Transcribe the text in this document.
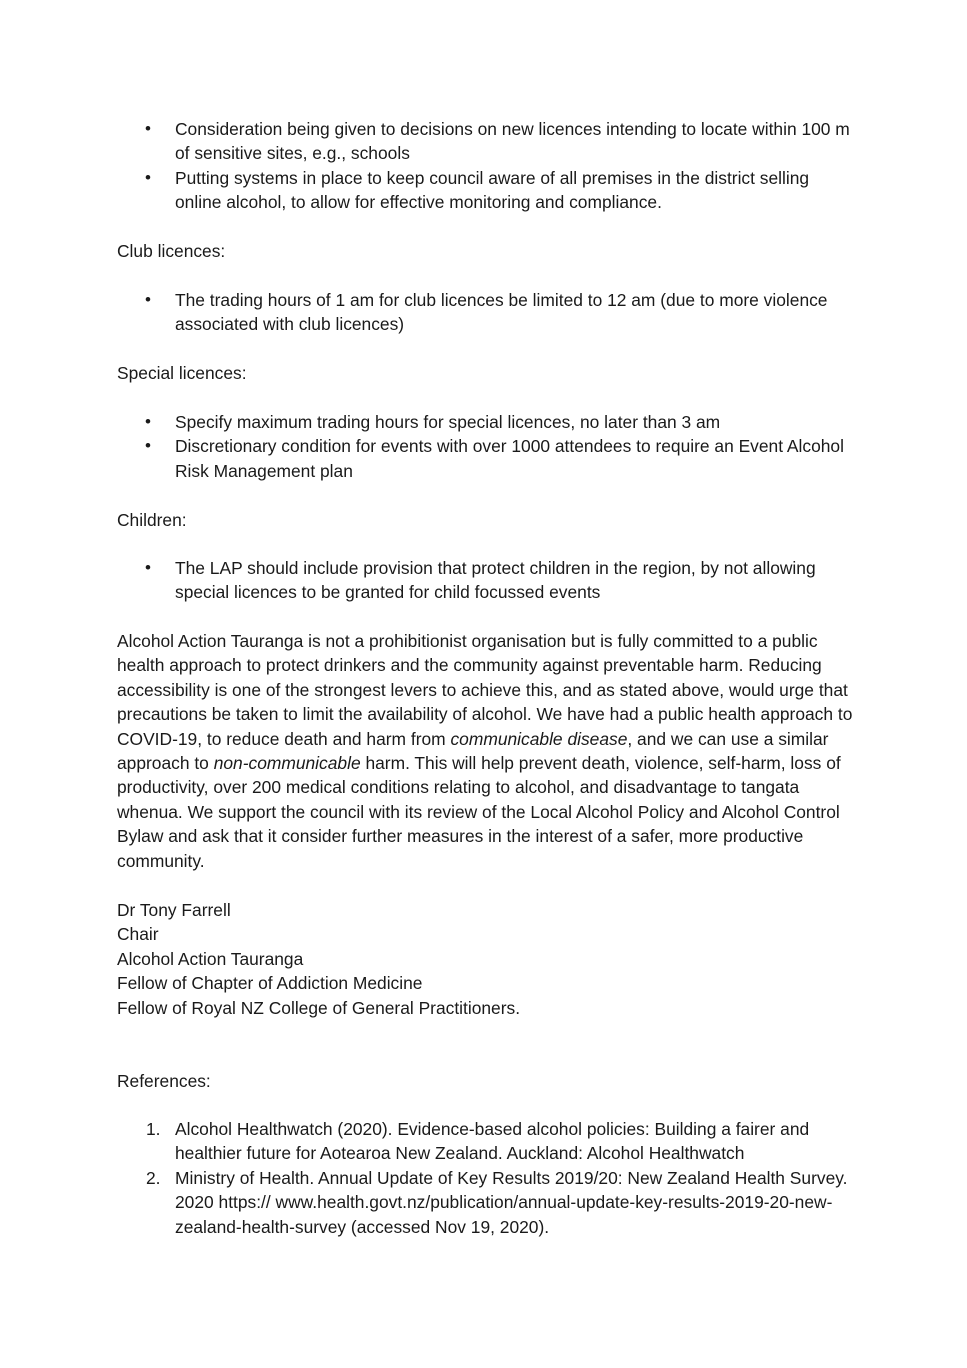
• Consideration being given to decisions on new licences intending to locate within 100 m of sensitive sites, e.g., schools
• Putting systems in place to keep council aware of all premises in the district selling online alcohol, to allow for effective monitoring and compliance.
Club licences:
• The trading hours of 1 am for club licences be limited to 12 am (due to more violence associated with club licences)
Special licences:
• Specify maximum trading hours for special licences, no later than 3 am
• Discretionary condition for events with over 1000 attendees to require an Event Alcohol Risk Management plan
Children:
• The LAP should include provision that protect children in the region, by not allowing special licences to be granted for child focussed events

Alcohol Action Tauranga is not a prohibitionist organisation but is fully committed to a public health approach to protect drinkers and the community against preventable harm. Reducing accessibility is one of the strongest levers to achieve this, and as stated above, would urge that precautions be taken to limit the availability of alcohol. We have had a public health approach to COVID-19, to reduce death and harm from communicable disease, and we can use a similar approach to non-communicable harm. This will help prevent death, violence, self-harm, loss of productivity, over 200 medical conditions relating to alcohol, and disadvantage to tangata whenua. We support the council with its review of the Local Alcohol Policy and Alcohol Control Bylaw and ask that it consider further measures in the interest of a safer, more productive community.

Dr Tony Farrell
Chair
Alcohol Action Tauranga
Fellow of Chapter of Addiction Medicine
Fellow of Royal NZ College of General Practitioners.
References:
1. Alcohol Healthwatch (2020). Evidence-based alcohol policies: Building a fairer and healthier future for Aotearoa New Zealand. Auckland: Alcohol Healthwatch
2. Ministry of Health. Annual Update of Key Results 2019/20: New Zealand Health Survey. 2020 https:// www.health.govt.nz/publication/annual-update-key-results-2019-20-new-zealand-health-survey (accessed Nov 19, 2020).
